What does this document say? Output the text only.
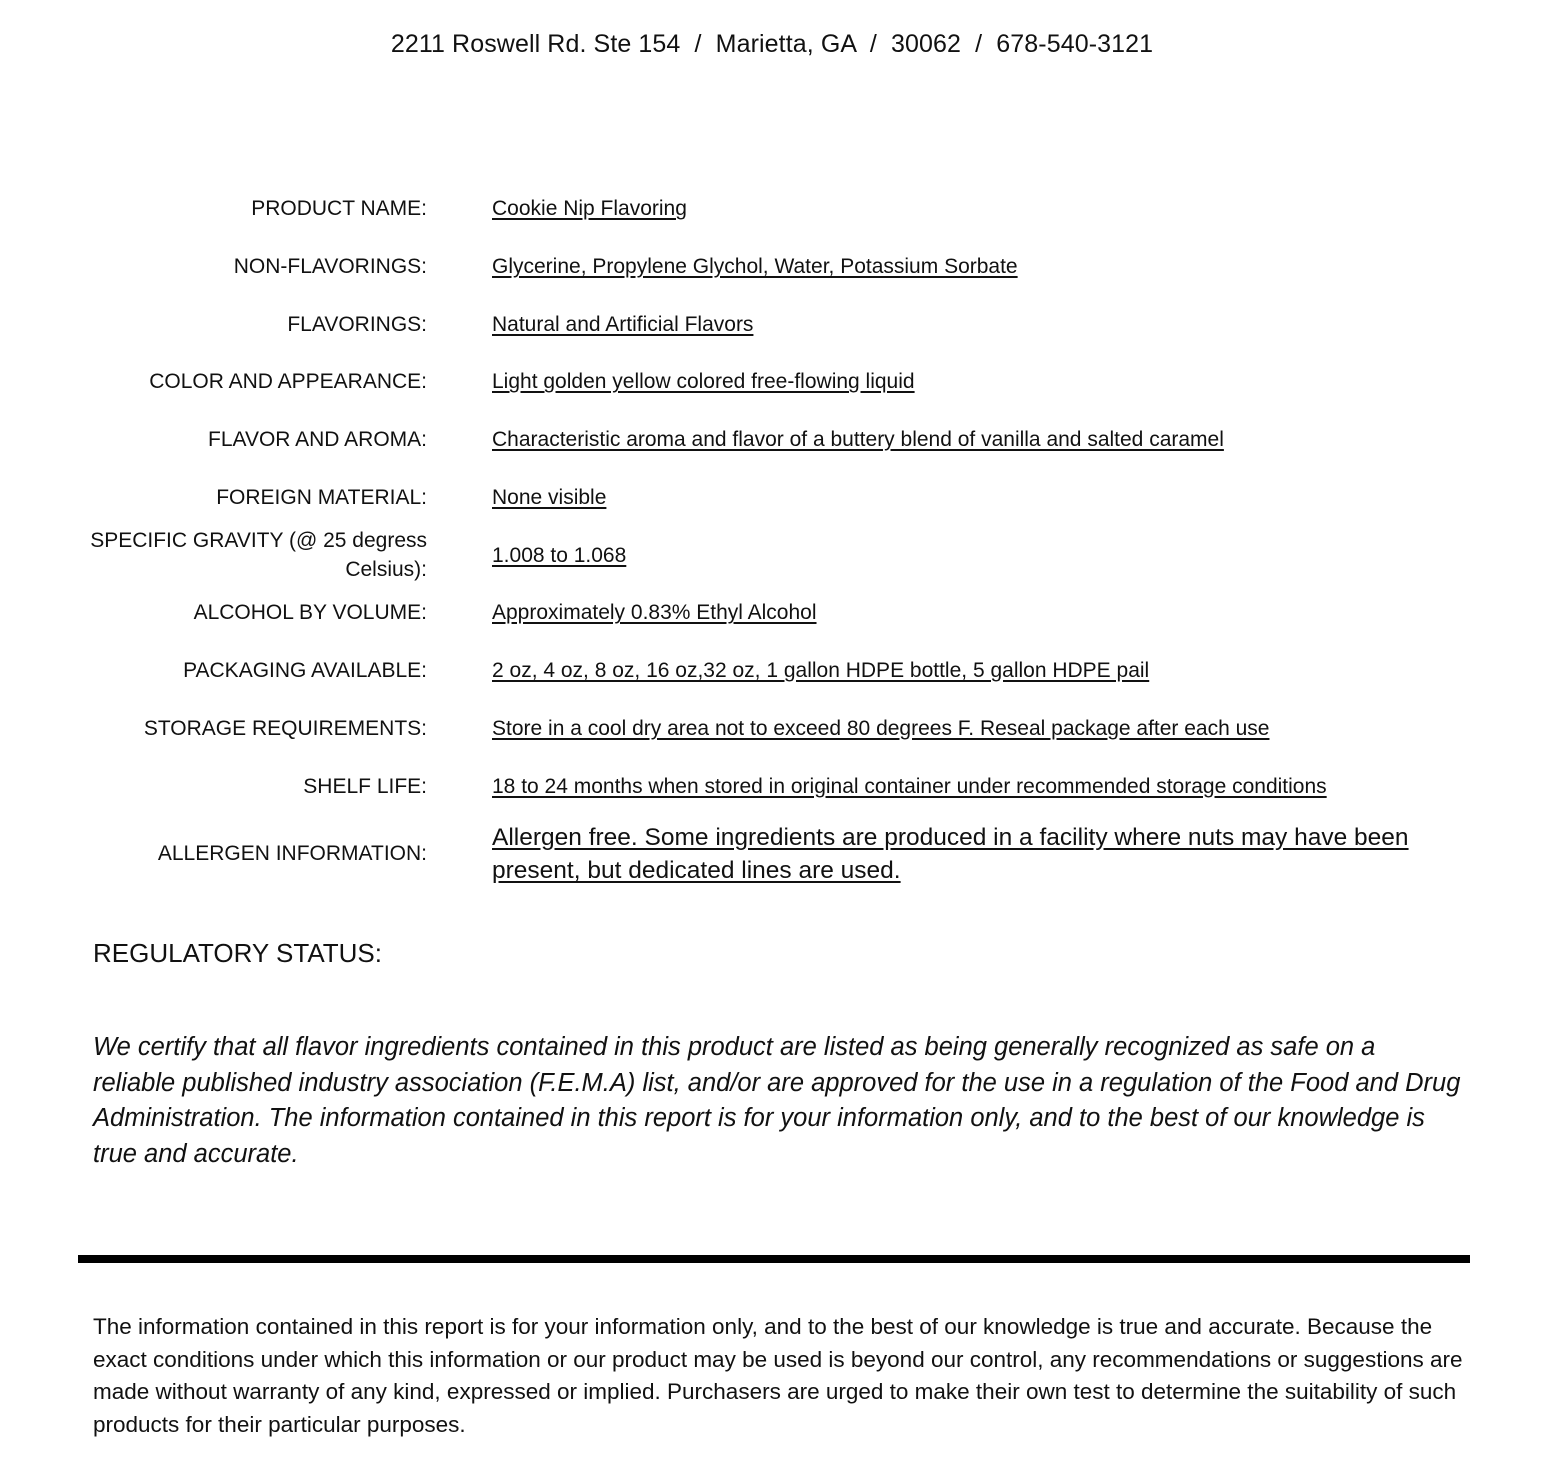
2211 Roswell Rd. Ste 154  /  Marietta, GA  /  30062  /  678-540-3121
PRODUCT NAME:	Cookie Nip Flavoring
NON-FLAVORINGS:	Glycerine, Propylene Glychol, Water, Potassium Sorbate
FLAVORINGS:	Natural and Artificial Flavors
COLOR AND APPEARANCE:	Light golden yellow colored free-flowing liquid
FLAVOR AND AROMA:	Characteristic aroma and flavor of a buttery blend of vanilla and salted caramel
FOREIGN MATERIAL:	None visible
SPECIFIC GRAVITY (@ 25 degress Celsius):
1.008 to 1.068
ALCOHOL BY VOLUME:	Approximately 0.83% Ethyl Alcohol
PACKAGING AVAILABLE:	2 oz, 4 oz, 8 oz, 16 oz,32 oz, 1 gallon HDPE bottle, 5 gallon HDPE pail
STORAGE REQUIREMENTS:	Store in a cool dry area not to exceed 80 degrees F. Reseal package after each use
SHELF LIFE:	18 to 24 months when stored in original container under recommended storage conditions
ALLERGEN INFORMATION:
Allergen free. Some ingredients are produced in a facility where nuts may have been present, but dedicated lines are used.
REGULATORY STATUS:
We certify that all flavor ingredients contained in this product are listed as being generally recognized as safe on a reliable published industry association (F.E.M.A) list, and/or are approved for the use in a regulation of the Food and Drug Administration. The information contained in this report is for your information only, and to the best of our knowledge is true and accurate.
The information contained in this report is for your information only, and to the best of our knowledge is true and accurate. Because the exact conditions under which this information or our product may be used is beyond our control, any recommendations or suggestions are made without warranty of any kind, expressed or implied. Purchasers are urged to make their own test to determine the suitability of such products for their particular purposes.
